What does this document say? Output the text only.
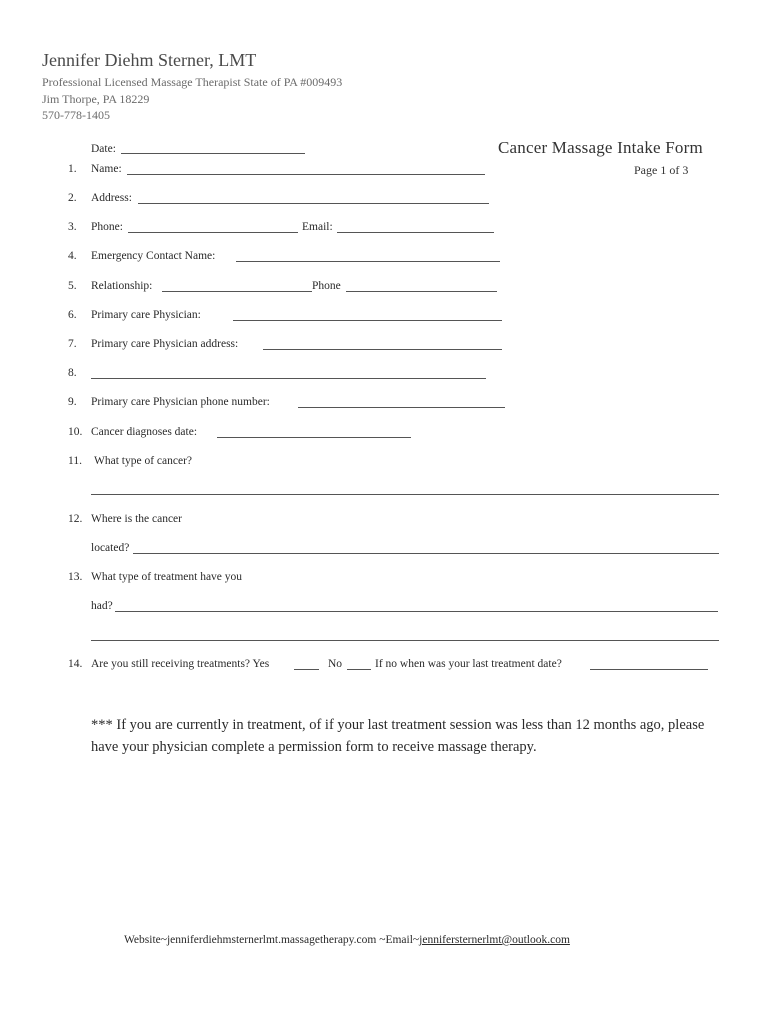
Jennifer Diehm Sterner, LMT
Professional Licensed Massage Therapist State of PA #009493
Jim Thorpe, PA 18229
570-778-1405
Cancer Massage Intake Form
Page 1 of 3
Date:
1. Name:
2. Address:
3. Phone:	Email:
4. Emergency Contact Name:
5. Relationship:	Phone
6. Primary care Physician:
7. Primary care Physician address:
8.
9. Primary care Physician phone number:
10. Cancer diagnoses date:
11. What type of cancer?
12. Where is the cancer
located?
13. What type of treatment have you
had?
14. Are you still receiving treatments? Yes	No	If no when was your last treatment date?
*** If you are currently in treatment, of if your last treatment session was less than 12 months ago, please have your physician complete a permission form to receive massage therapy.
Website~jenniferdiehmsternerlmt.massagetherapy.com ~Email~jennifersternerlmt@outlook.com
